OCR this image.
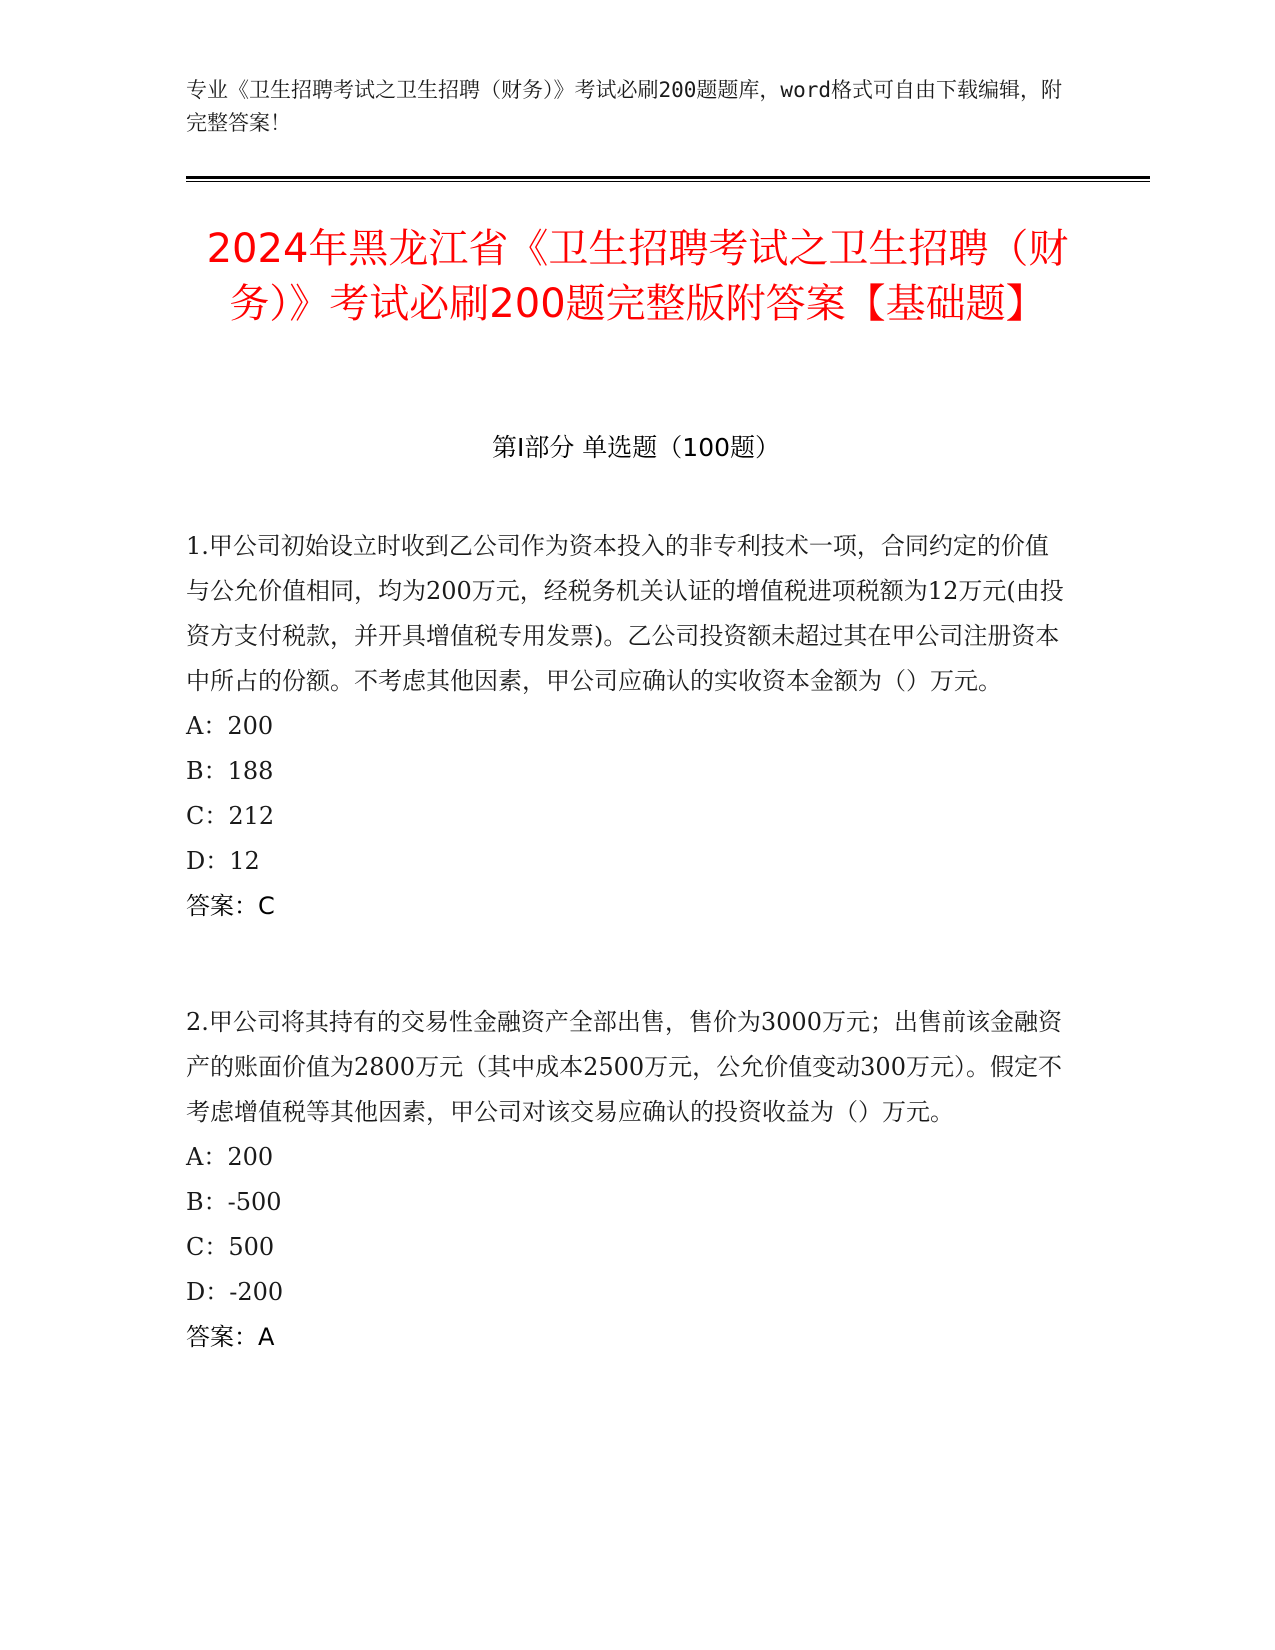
专业《卫生招聘考试之卫生招聘（财务）》考试必刷200题题库，word格式可自由下载编辑，附完整答案！
2024年黑龙江省《卫生招聘考试之卫生招聘（财务）》考试必刷200题完整版附答案【基础题】
第Ⅰ部分 单选题（100题）

1.甲公司初始设立时收到乙公司作为资本投入的非专利技术一项，合同约定的价值与公允价值相同，均为200万元，经税务机关认证的增值税进项税额为12万元(由投资方支付税款，并开具增值税专用发票)。乙公司投资额未超过其在甲公司注册资本中所占的份额。不考虑其他因素，甲公司应确认的实收资本金额为（）万元。

A：200

B：188

C：212

D：12

答案：C

2.甲公司将其持有的交易性金融资产全部出售，售价为3000万元；出售前该金融资产的账面价值为2800万元（其中成本2500万元，公允价值变动300万元）。假定不考虑增值税等其他因素，甲公司对该交易应确认的投资收益为（）万元。

A：200

B：-500

C：500

D：-200

答案：A
